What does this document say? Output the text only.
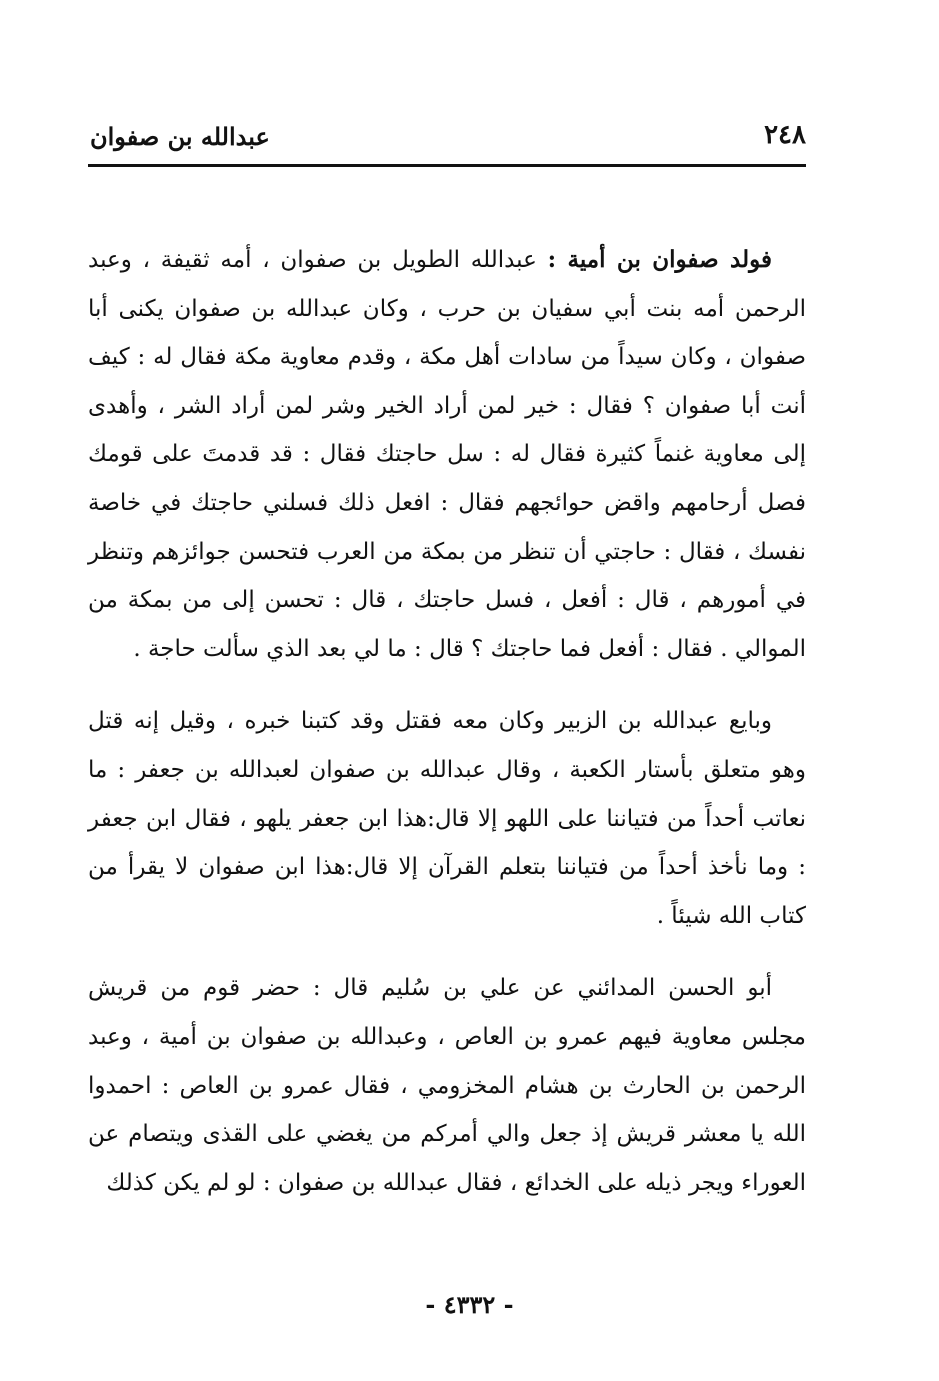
٢٤٨
عبدالله بن صفوان

فولد صفوان بن أمية : عبدالله الطويل بن صفوان ، أمه ثقيفة ، وعبد الرحمن أمه بنت أبي سفيان بن حرب ، وكان عبدالله بن صفوان يكنى أبا صفوان ، وكان سيداً من سادات أهل مكة ، وقدم معاوية مكة فقال له : كيف أنت أبا صفوان ؟ فقال : خير لمن أراد الخير وشر لمن أراد الشر ، وأهدى إلى معاوية غنماً كثيرة فقال له : سل حاجتك فقال : قد قدمتَ على قومك فصل أرحامهم واقض حوائجهم فقال : افعل ذلك فسلني حاجتك في خاصة نفسك ، فقال : حاجتي أن تنظر من بمكة من العرب فتحسن جوائزهم وتنظر في أمورهم ، قال : أفعل ، فسل حاجتك ، قال : تحسن إلى من بمكة من الموالي . فقال : أفعل فما حاجتك ؟ قال : ما لي بعد الذي سألت حاجة .

وبايع عبدالله بن الزبير وكان معه فقتل وقد كتبنا خبره ، وقيل إنه قتل وهو متعلق بأستار الكعبة ، وقال عبدالله بن صفوان لعبدالله بن جعفر : ما نعاتب أحداً من فتياننا على اللهو إلا قال:هذا ابن جعفر يلهو ، فقال ابن جعفر : وما نأخذ أحداً من فتياننا بتعلم القرآن إلا قال:هذا ابن صفوان لا يقرأ من كتاب الله شيئاً .

أبو الحسن المدائني عن علي بن سُليم قال : حضر قوم من قريش مجلس معاوية فيهم عمرو بن العاص ، وعبدالله بن صفوان بن أمية ، وعبد الرحمن بن الحارث بن هشام المخزومي ، فقال عمرو بن العاص : احمدوا الله يا معشر قريش إذ جعل والي أمركم من يغضي على القذى ويتصام عن العوراء ويجر ذيله على الخدائع ، فقال عبدالله بن صفوان : لو لم يكن كذلك

- ٤٣٣٢ -
